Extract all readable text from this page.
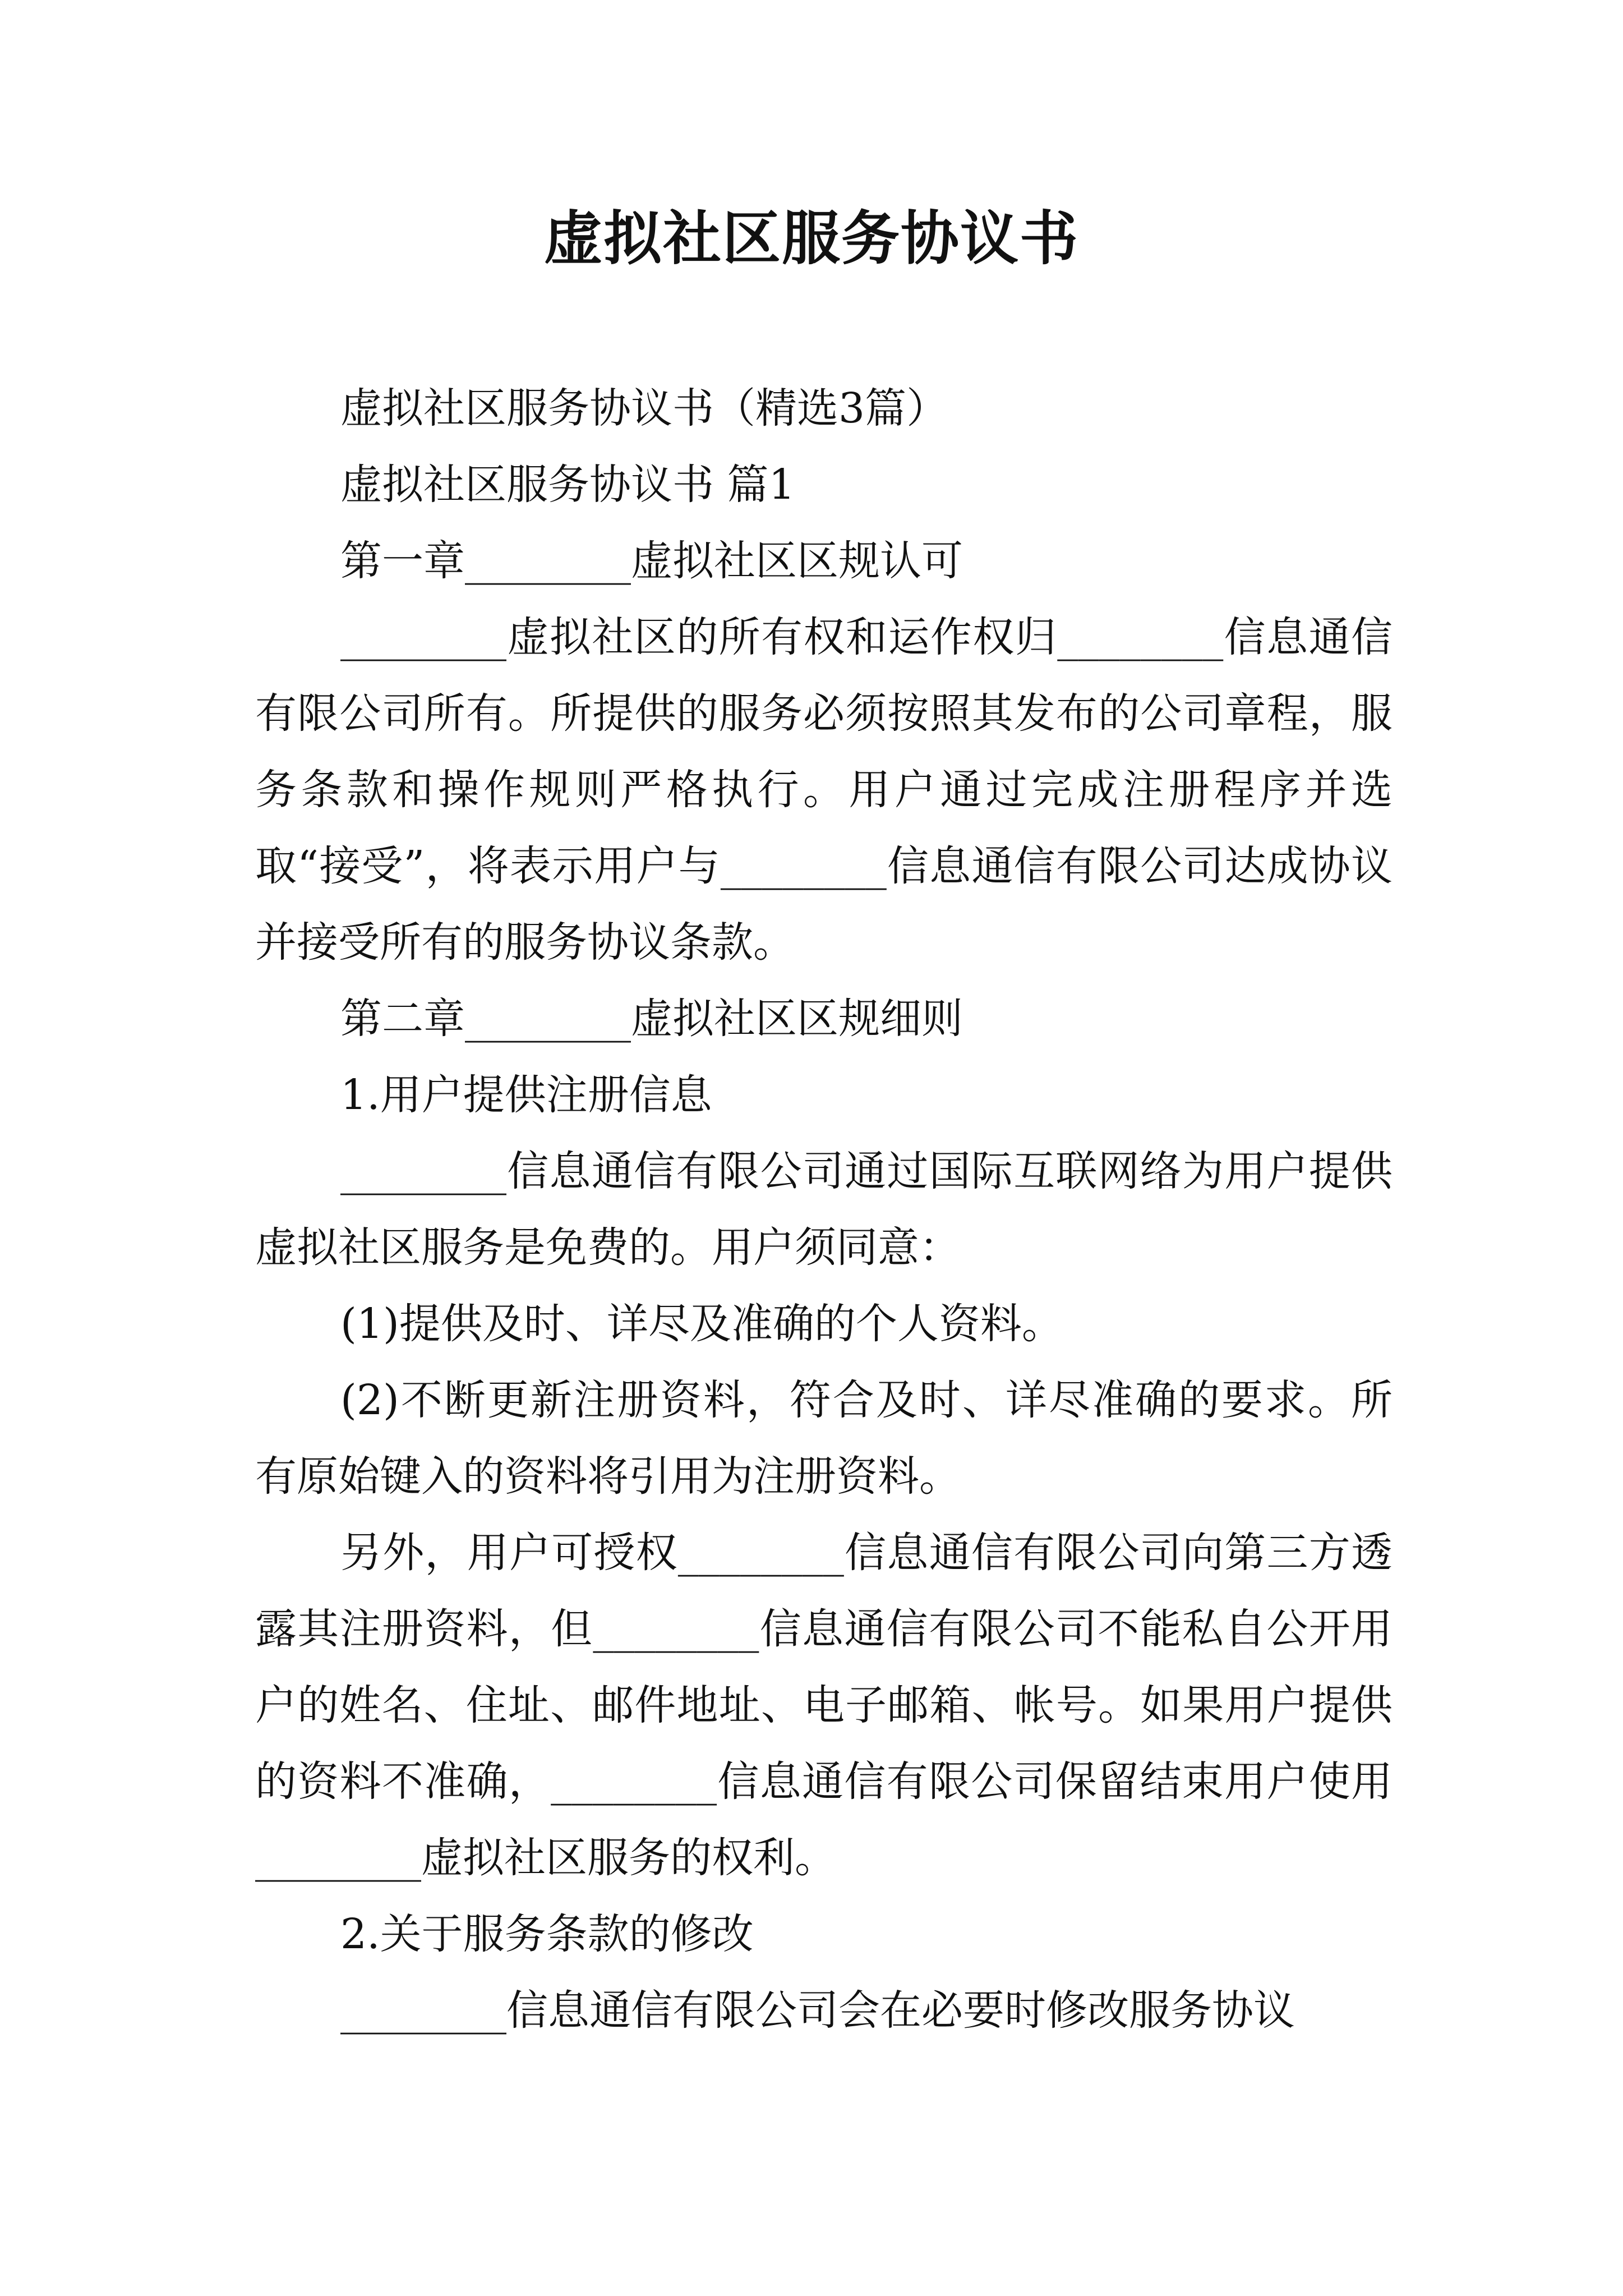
虚拟社区服务协议书

虚拟社区服务协议书（精选3篇）

虚拟社区服务协议书 篇1

第一章________虚拟社区区规认可

________虚拟社区的所有权和运作权归________信息通信有限公司所有。所提供的服务必须按照其发布的公司章程，服务条款和操作规则严格执行。用户通过完成注册程序并选取“接受”，将表示用户与________信息通信有限公司达成协议并接受所有的服务协议条款。

第二章________虚拟社区区规细则

1.用户提供注册信息

________信息通信有限公司通过国际互联网络为用户提供虚拟社区服务是免费的。用户须同意：

(1)提供及时、详尽及准确的个人资料。

(2)不断更新注册资料，符合及时、详尽准确的要求。所有原始键入的资料将引用为注册资料。

另外，用户可授权________信息通信有限公司向第三方透露其注册资料，但________信息通信有限公司不能私自公开用户的姓名、住址、邮件地址、电子邮箱、帐号。如果用户提供的资料不准确，________信息通信有限公司保留结束用户使用________虚拟社区服务的权利。

2.关于服务条款的修改

________信息通信有限公司会在必要时修改服务协议
